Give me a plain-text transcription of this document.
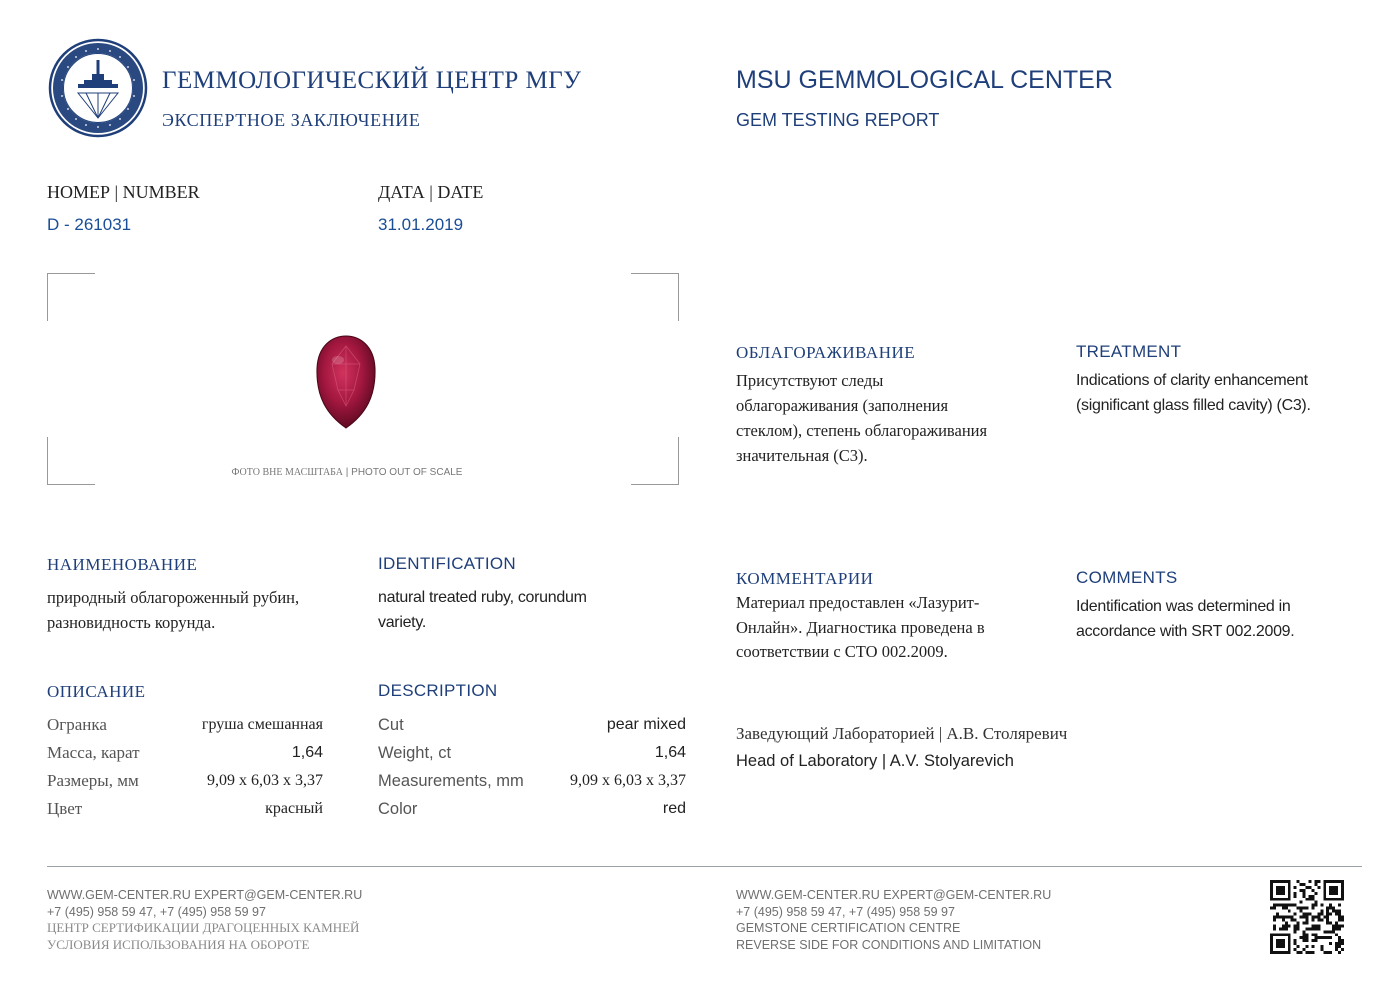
ГЕММОЛОГИЧЕСКИЙ ЦЕНТР МГУ
ЭКСПЕРТНОЕ ЗАКЛЮЧЕНИЕ
MSU GEMMOLOGICAL CENTER
GEM TESTING REPORT
НОМЕР | NUMBER
D - 261031
ДАТА | DATE
31.01.2019
ФОТО ВНЕ МАСШТАБА | PHOTO OUT OF SCALE
ОБЛАГОРАЖИВАНИЕ
Присутствуют следы облагораживания (заполнения стеклом), степень облагораживания значительная (C3).
TREATMENT
Indications of clarity enhancement (significant glass filled cavity) (C3).
НАИМЕНОВАНИЕ
природный облагороженный рубин, разновидность корунда.
IDENTIFICATION
natural treated ruby, corundum variety.
КОММЕНТАРИИ
Материал предоставлен «Лазурит-Онлайн». Диагностика проведена в соответствии с СТО 002.2009.
COMMENTS
Identification was determined in accordance with SRT 002.2009.
ОПИСАНИЕ	DESCRIPTION
Огранка	груша смешанная
Масса, карат	1,64
Размеры, мм	9,09 x 6,03 x 3,37
Цвет	красный
Cut	pear mixed
Weight, ct	1,64
Measurements, mm	9,09 x 6,03 x 3,37
Color	red
Заведующий Лабораторией | А.В. Столяревич
Head of Laboratory | A.V. Stolyarevich
WWW.GEM-CENTER.RU EXPERT@GEM-CENTER.RU
+7 (495) 958 59 47, +7 (495) 958 59 97
ЦЕНТР СЕРТИФИКАЦИИ ДРАГОЦЕННЫХ КАМНЕЙ
УСЛОВИЯ ИСПОЛЬЗОВАНИЯ НА ОБОРОТЕ
WWW.GEM-CENTER.RU EXPERT@GEM-CENTER.RU
+7 (495) 958 59 47, +7 (495) 958 59 97
GEMSTONE CERTIFICATION CENTRE
REVERSE SIDE FOR CONDITIONS AND LIMITATION
